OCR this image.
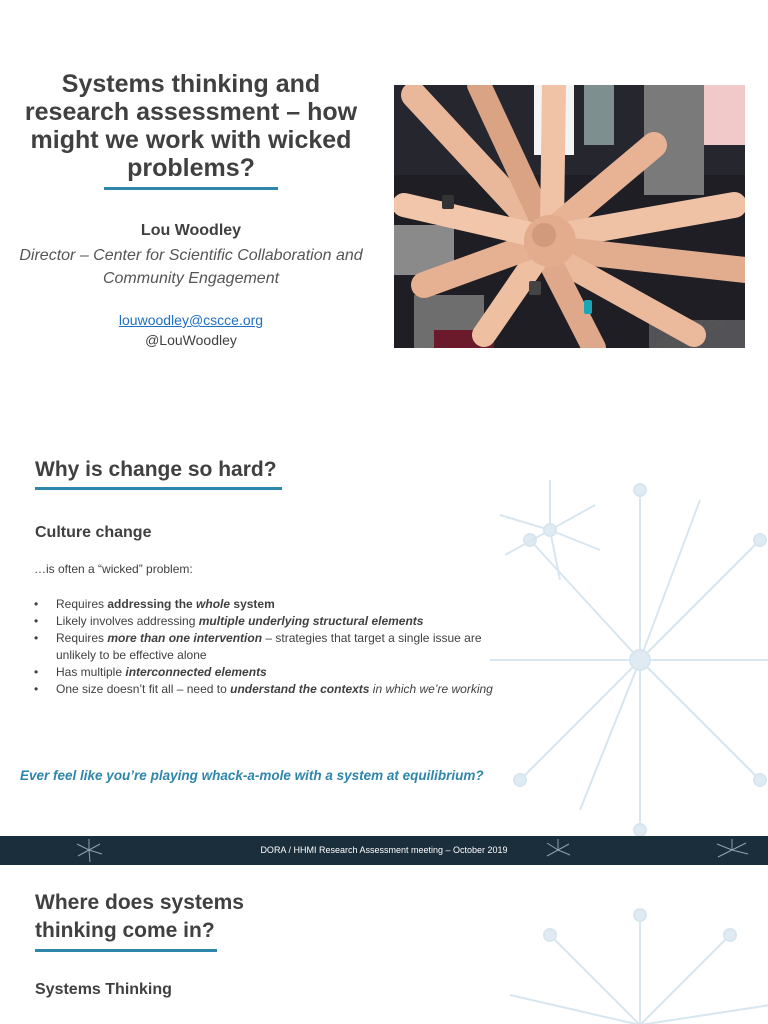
Systems thinking and research assessment – how might we work with wicked problems?
Lou Woodley
Director – Center for Scientific Collaboration and Community Engagement
louwoodley@cscce.org
@LouWoodley
Why is change so hard?
Culture change
…is often a “wicked” problem:
• Requires addressing the whole system
• Likely involves addressing multiple underlying structural elements
• Requires more than one intervention – strategies that target a single issue are unlikely to be effective alone
• Has multiple interconnected elements
• One size doesn’t fit all – need to understand the contexts in which we’re working
Ever feel like you’re playing whack-a-mole with a system at equilibrium?
DORA / HHMI Research Assessment meeting – October 2019
Where does systems
thinking come in?
Systems Thinking
